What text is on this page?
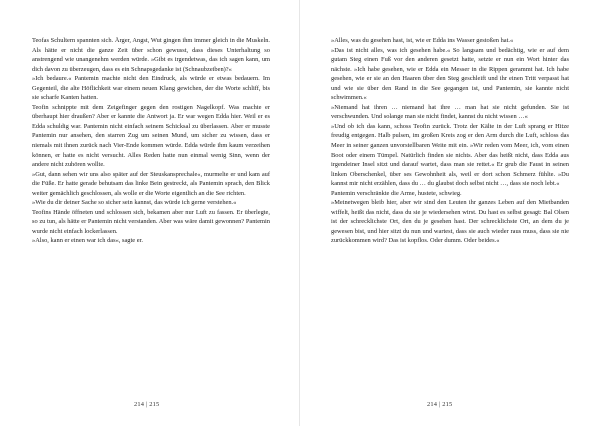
Teofas Schultern spannten sich. Ärger, Angst, Wut gingen ihm immer gleich in die Muskeln. Als hätte er nicht die ganze Zeit über schon gewusst, dass dieses Unterhaltung so anstrengend wie unangenehm werden würde. »Gibt es irgendetwas, das ich sagen kann, um dich davon zu überzeugen, dass es ein Schnapsgedanke ist (Schnaubzeiben)?«

»Ich bedaure.« Pantemin machte nicht den Eindruck, als würde er etwas bedauern. Im Gegenteil, die alte Höflichkeit war einem neuen Klang gewichen, der die Worte schliff, bis sie scharfe Kanten hatten.

Teofin schnippte mit dem Zeigefinger gegen den rostigen Nagelkopf. Was machte er überhaupt hier draußen? Aber er kannte die Antwort ja. Er war wegen Edda hier. Weil er es Edda schuldig war. Pantemin nicht einfach seinem Schicksal zu überlassen. Aber er musste Pantemin nur ansehen, den starren Zug um seinen Mund, um sicher zu wissen, dass er niemals mit ihnen zurück nach Vier-Ende kommen würde. Edda würde ihm kaum verzeihen können, er hatte es nicht versucht. Alles Reden hatte nun einmal wenig Sinn, wenn der andere nicht zuhören wollte.

»Gut, dann sehen wir uns also später auf der Steuskansprechale«, murmelte er und kam auf die Füße. Er hatte gerade behutsam das linke Bein gestreckt, als Pantemin sprach, den Blick weiter gemächlich geschlossen, als wolle er die Worte eigentlich an die See richten.

»Wie du dir deiner Sache so sicher sein kannst, das würde ich gerne verstehen.«

Teofins Hände öffneten und schlossen sich, bekamen aber nur Luft zu fassen. Er überlegte, so zu tun, als hätte er Pantemin nicht verstanden. Aber was wäre damit gewonnen? Pantemin wurde nicht einfach lockerlassen.

»Also, kann er einen war ich das«, sagte er.

214 | 215

»Alles, was du gesehen hast, ist, wie er Edda ins Wasser gestoßen hat.«

»Das ist nicht alles, was ich gesehen habe.« So langsam und bedächtig, wie er auf dem gutam Steg einen Fuß vor den anderen gesetzt hatte, setzte er nun ein Wort hinter das nächste. »Ich habe gesehen, wie er Edda ein Messer in die Rippen gerammt hat. Ich habe gesehen, wie er sie an den Haaren über den Steg geschleift und ihr einen Tritt verpasst hat und wie sie über den Rand in die See gegangen ist, und Pantemin, sie kannte nicht schwimmen.«

»Niemand hat ihren … niemand hat ihre … man hat sie nicht gefunden. Sie ist verschwunden. Und solange man sie nicht findet, kannst du nicht wissen …«

»Und ob ich das kann, schoss Teofin zurück. Trotz der Kälte in der Luft sprang er Hitze freudig entgegen. Halb pulsen, im großen Kreis zog er den Arm durch die Luft, schloss das Meer in seiner ganzen unvorstellbaren Weite mit ein. »Wir reden vom Meer, ich, vom einen Boot oder einem Tümpel. Natürlich finden sie nichts. Aber das heißt nicht, dass Edda aus irgendeiner Insel sitzt und darauf wartet, dass man sie rettet.« Er grub die Faust in seinen linken Oberschenkel, über ses Gewohnheit als, weil er dort schon Schmerz fühlte. »Du kannst mir nicht erzählen, dass du … du glaubst doch selbst nicht …, dass sie noch lebt.«

Pantemin verschränkte die Arme, hustete, schwieg.

»Meinetwegen bleib hier, aber wir sind den Leuten ihr ganzes Leben auf den Mietbanden wiffelt, heißt das nicht, dass du sie je wiedersehen wirst. Du hast es selbst gesagt: Bal Olsen ist der schrecklichste Ort, den du je gesehen hast. Der schrecklichste Ort, an dem du je gewesen bist, und hier sitzt du nun und wartest, dass sie auch wieder raus muss, dass sie nie zurückkommen wird? Das ist kopflos. Oder dumm. Oder beides.«

214 | 215
